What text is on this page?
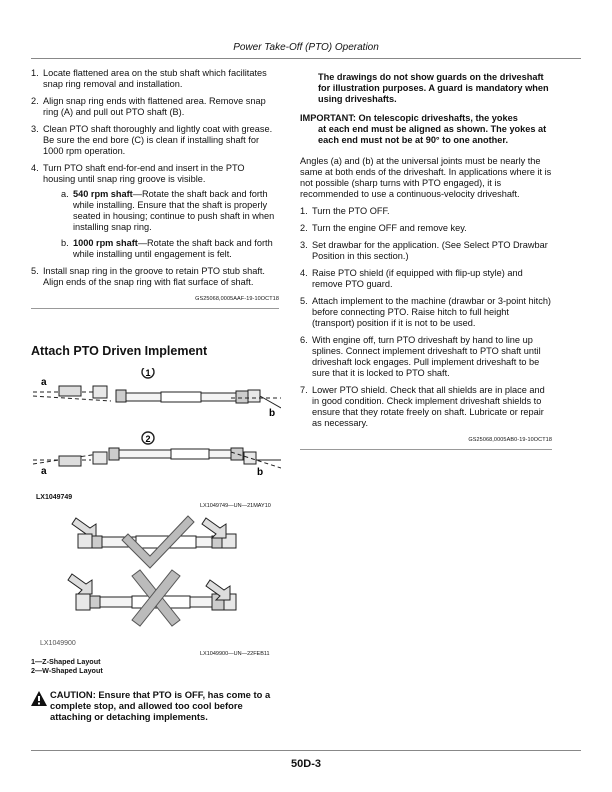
Power Take-Off (PTO) Operation
1. Locate flattened area on the stub shaft which facilitates snap ring removal and installation.
2. Align snap ring ends with flattened area. Remove snap ring (A) and pull out PTO shaft (B).
3. Clean PTO shaft thoroughly and lightly coat with grease. Be sure the end bore (C) is clean if installing shaft for 1000 rpm operation.
4. Turn PTO shaft end-for-end and insert in the PTO housing until snap ring groove is visible.
a. 540 rpm shaft—Rotate the shaft back and forth while installing. Ensure that the shaft is properly seated in housing; continue to push shaft in when installing snap ring.
b. 1000 rpm shaft—Rotate the shaft back and forth while installing until engagement is felt.
5. Install snap ring in the groove to retain PTO stub shaft. Align ends of the snap ring with flat surface of shaft.
GS25068,0005AAF-19-10OCT18
Attach PTO Driven Implement
1
2
a
b
a	b
LX1049749
LX1049749—UN—21MAY10
LX1049900
LX1049900—UN—22FEB11
1—Z-Shaped Layout
2—W-Shaped Layout
CAUTION: Ensure that PTO is OFF, has come to a complete stop, and allowed too cool before attaching or detaching implements.
The drawings do not show guards on the driveshaft for illustration purposes. A guard is mandatory when using driveshafts.
IMPORTANT: On telescopic driveshafts, the yokes
at each end must be aligned as shown. The yokes at each end must not be at 90° to one another.
Angles (a) and (b) at the universal joints must be nearly the same at both ends of the driveshaft. In applications where it is not possible (sharp turns with PTO engaged), it is recommended to use a continuous-velocity driveshaft.
1. Turn the PTO OFF.
2. Turn the engine OFF and remove key.
3. Set drawbar for the application. (See Select PTO Drawbar Position in this section.)
4. Raise PTO shield (if equipped with flip-up style) and remove PTO guard.
5. Attach implement to the machine (drawbar or 3-point hitch) before connecting PTO. Raise hitch to full height (transport) position if it is not to be used.
6. With engine off, turn PTO driveshaft by hand to line up splines. Connect implement driveshaft to PTO shaft until driveshaft lock engages. Pull implement driveshaft to be sure that it is locked to PTO shaft.
7. Lower PTO shield. Check that all shields are in place and in good condition. Check implement driveshaft shields to ensure that they rotate freely on shaft. Lubricate or repair as necessary.
GS25068,0005AB0-19-10OCT18
50D-3
